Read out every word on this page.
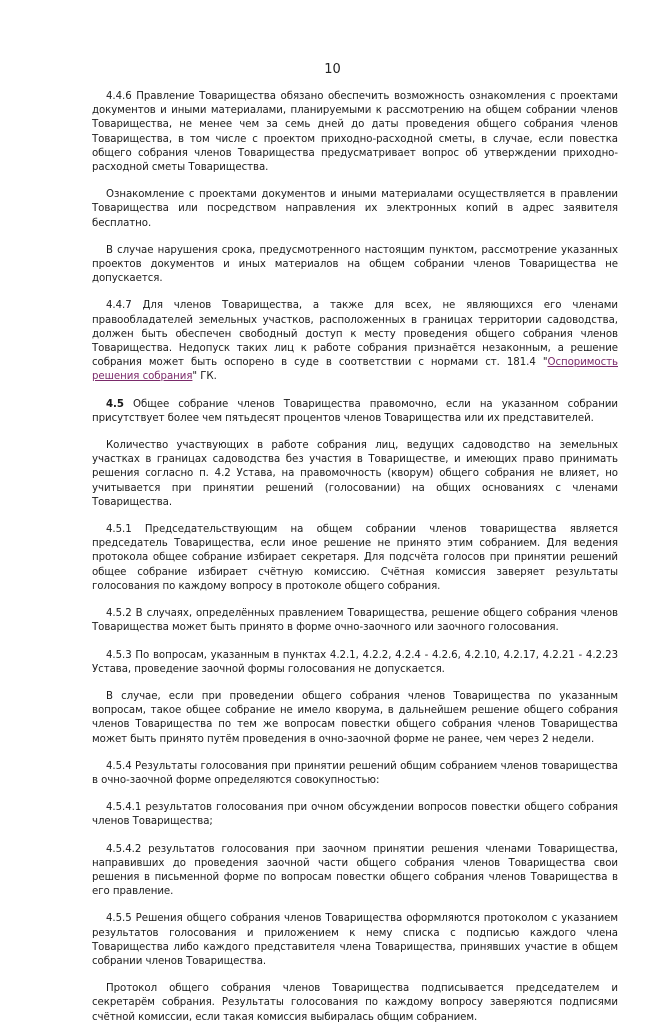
10

4.4.6 Правление Товарищества обязано обеспечить возможность ознакомления с проектами документов и иными материалами, планируемыми к рассмотрению на общем собрании членов Товарищества, не менее чем за семь дней до даты проведения общего собрания членов Товарищества, в том числе с проектом приходно-расходной сметы, в случае, если повестка общего собрания членов Товарищества предусматривает вопрос об утверждении приходно-расходной сметы Товарищества.

Ознакомление с проектами документов и иными материалами осуществляется в правлении Товарищества или посредством направления их электронных копий в адрес заявителя бесплатно.

В случае нарушения срока, предусмотренного настоящим пунктом, рассмотрение указанных проектов документов и иных материалов на общем собрании членов Товарищества не допускается.

4.4.7 Для членов Товарищества, а также для всех, не являющихся его членами правообладателей земельных участков, расположенных в границах территории садоводства, должен быть обеспечен свободный доступ к месту проведения общего собрания членов Товарищества. Недопуск таких лиц к работе собрания признаётся незаконным, а решение собрания может быть оспорено в суде в соответствии с нормами ст. 181.4 "Оспоримость решения собрания" ГК.

4.5 Общее собрание членов Товарищества правомочно, если на указанном собрании присутствует более чем пятьдесят процентов членов Товарищества или их представителей.

Количество участвующих в работе собрания лиц, ведущих садоводство на земельных участках в границах садоводства без участия в Товариществе, и имеющих право принимать решения согласно п. 4.2 Устава, на правомочность (кворум) общего собрания не влияет, но учитывается при принятии решений (голосовании) на общих основаниях с членами Товарищества.

4.5.1 Председательствующим на общем собрании членов товарищества является председатель Товарищества, если иное решение не принято этим собранием. Для ведения протокола общее собрание избирает секретаря. Для подсчёта голосов при принятии решений общее собрание избирает счётную комиссию. Счётная комиссия заверяет результаты голосования по каждому вопросу в протоколе общего собрания.

4.5.2 В случаях, определённых правлением Товарищества, решение общего собрания членов Товарищества может быть принято в форме очно-заочного или заочного голосования.

4.5.3 По вопросам, указанным в пунктах 4.2.1, 4.2.2, 4.2.4 - 4.2.6, 4.2.10, 4.2.17, 4.2.21 - 4.2.23 Устава, проведение заочной формы голосования не допускается.

В случае, если при проведении общего собрания членов Товарищества по указанным вопросам, такое общее собрание не имело кворума, в дальнейшем решение общего собрания членов Товарищества по тем же вопросам повестки общего собрания членов Товарищества может быть принято путём проведения в очно-заочной форме не ранее, чем через 2 недели.

4.5.4 Результаты голосования при принятии решений общим собранием членов товарищества в очно-заочной форме определяются совокупностью:

4.5.4.1 результатов голосования при очном обсуждении вопросов повестки общего собрания членов Товарищества;

4.5.4.2 результатов голосования при заочном принятии решения членами Товарищества, направивших до проведения заочной части общего собрания членов Товарищества свои решения в письменной форме по вопросам повестки общего собрания членов Товарищества в его правление.

4.5.5 Решения общего собрания членов Товарищества оформляются протоколом с указанием результатов голосования и приложением к нему списка с подписью каждого члена Товарищества либо каждого представителя члена Товарищества, принявших участие в общем собрании членов Товарищества.

Протокол общего собрания членов Товарищества подписывается председателем и секретарём собрания. Результаты голосования по каждому вопросу заверяются подписями счётной комиссии, если такая комиссия выбиралась общим собранием.
